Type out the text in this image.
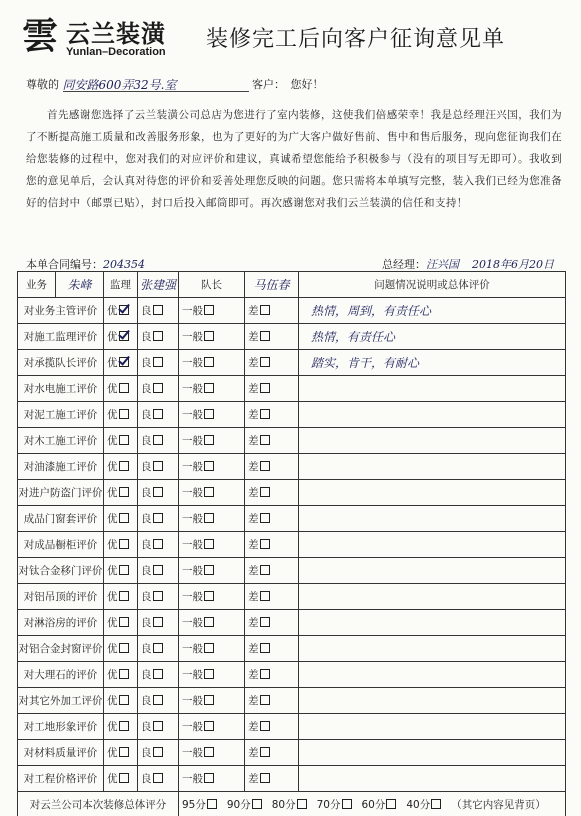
雲 云兰装潢
Yunlan–Decoration 装修完工后向客户征询意见单
尊敬的 同安路600弄32号.室	客户：　您好！
首先感谢您选择了云兰装潢公司总店为您进行了室内装修，这使我们倍感荣幸！我是总经理汪兴国，我们为了不断提高施工质量和改善服务形象，也为了更好的为广大客户做好售前、售中和售后服务，现向您征询我们在给您装修的过程中，您对我们的对应评价和建议，真诚希望您能给予积极参与（没有的项目写无即可）。我收到您的意见单后，会认真对待您的评价和妥善处理您反映的问题。您只需将本单填写完整，装入我们已经为您准备好的信封中（邮票已贴），封口后投入邮筒即可。再次感谢您对我们云兰装潢的信任和支持！
本单合同编号：204354	总经理：汪兴国 2018年6月20日
业务	朱峰	监理	张建强	队长	马伍春	问题情况说明或总体评价
对业务主管评价		优	良	一般	差	热情，周到，有责任心
对施工监理评价		优	良	一般	差	热情，有责任心
对承揽队长评价		优	良	一般	差	踏实，肯干，有耐心
对水电施工评价		优	良	一般	差	
对泥工施工评价		优	良	一般	差	
对木工施工评价		优	良	一般	差	
对油漆施工评价		优	良	一般	差	
对进户防盗门评价		优	良	一般	差	
成品门窗套评价		优	良	一般	差	
对成品橱柜评价		优	良	一般	差	
对钛合金移门评价		优	良	一般	差	
对铝吊顶的评价		优	良	一般	差	
对淋浴房的评价		优	良	一般	差	
对铝合金封窗评价		优	良	一般	差	
对大理石的评价		优	良	一般	差	
对其它外加工评价		优	良	一般	差	
对工地形象评价		优	良	一般	差	
对材料质量评价		优	良	一般	差	
对工程价格评价		优	良	一般	差	
对云兰公司本次装修总体评分				95分 90分 80分 70分 60分 40分 （其它内容见背页）		
